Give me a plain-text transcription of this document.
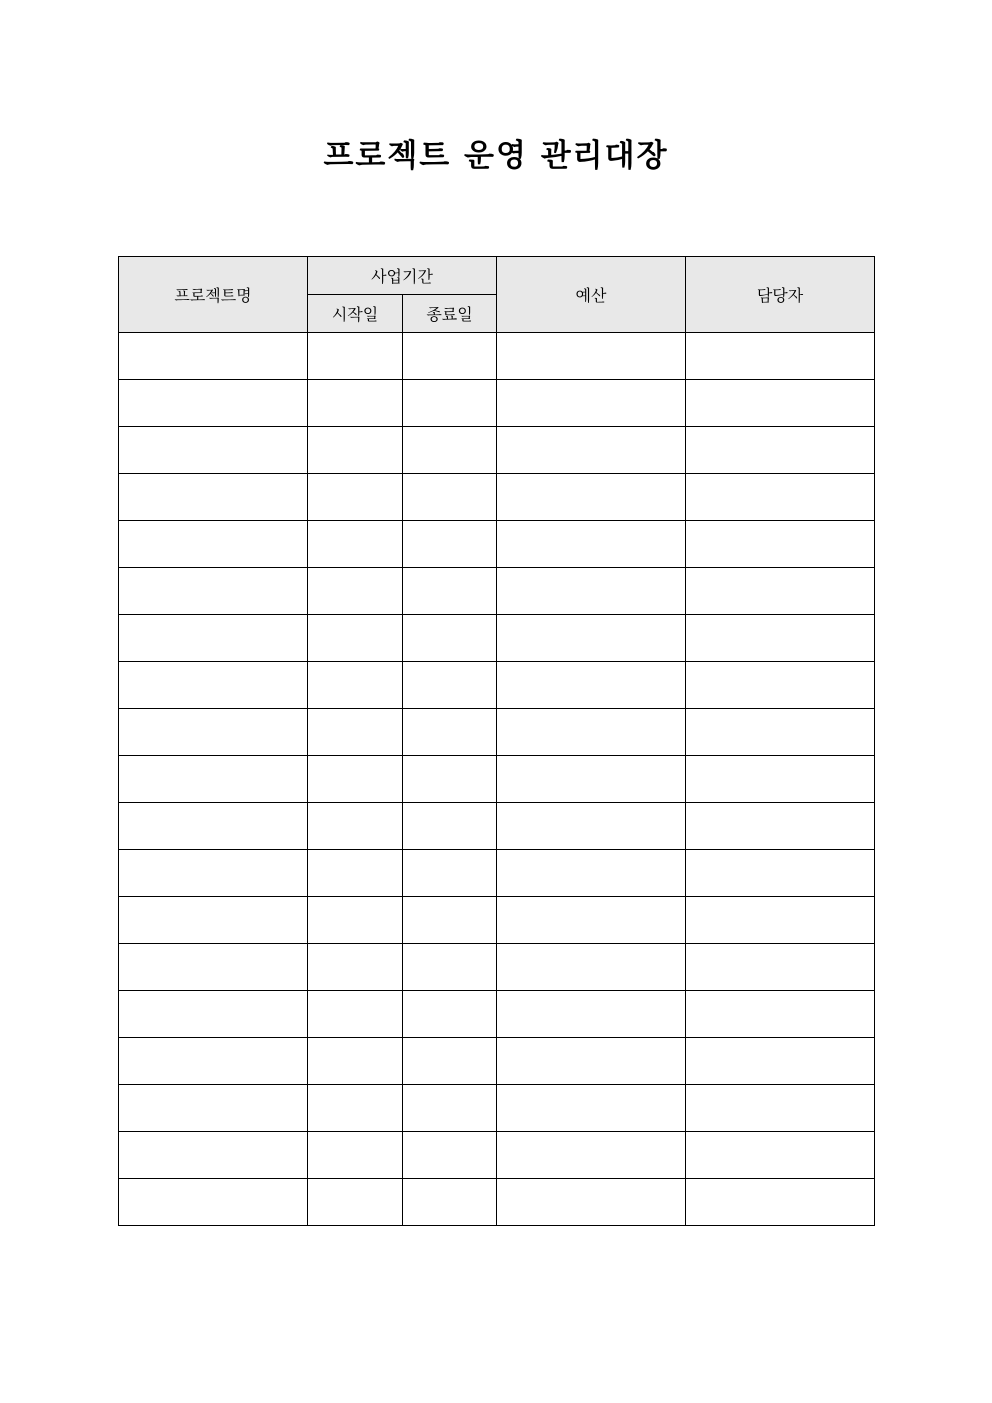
프로젝트 운영 관리대장
프로젝트명	사업기간		예산	담당자
	시작일	종료일		
